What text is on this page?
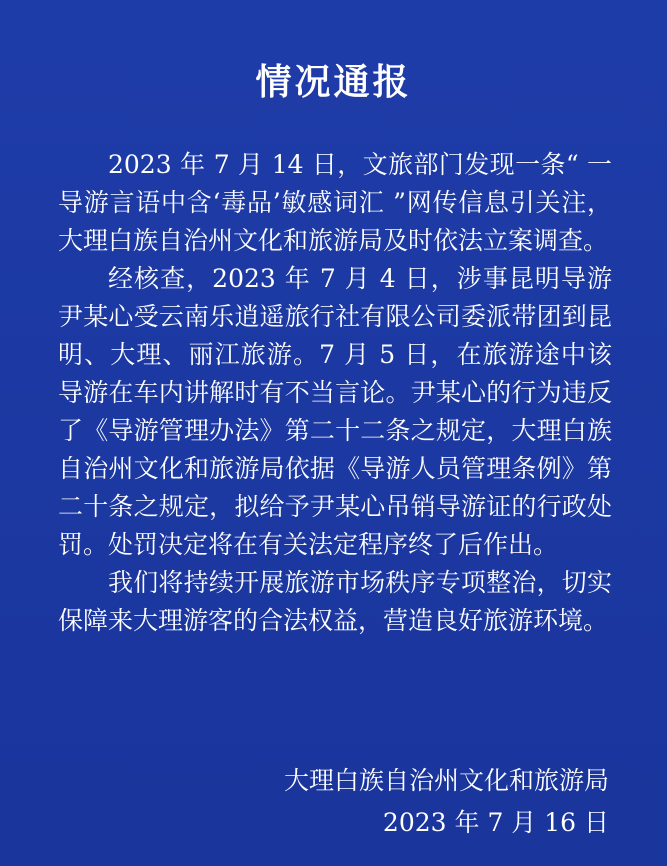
情况通报

2023 年 7 月 14 日，文旅部门发现一条“ 一导游言语中含‘毒品’敏感词汇 ”网传信息引关注，大理白族自治州文化和旅游局及时依法立案调查。

经核查，2023 年 7 月 4 日，涉事昆明导游尹某心受云南乐逍遥旅行社有限公司委派带团到昆明、大理、丽江旅游。7 月 5 日，在旅游途中该导游在车内讲解时有不当言论。尹某心的行为违反了《导游管理办法》第二十二条之规定，大理白族自治州文化和旅游局依据《导游人员管理条例》第二十条之规定，拟给予尹某心吊销导游证的行政处罚。处罚决定将在有关法定程序终了后作出。

我们将持续开展旅游市场秩序专项整治，切实保障来大理游客的合法权益，营造良好旅游环境。

大理白族自治州文化和旅游局
2023 年 7 月 16 日
